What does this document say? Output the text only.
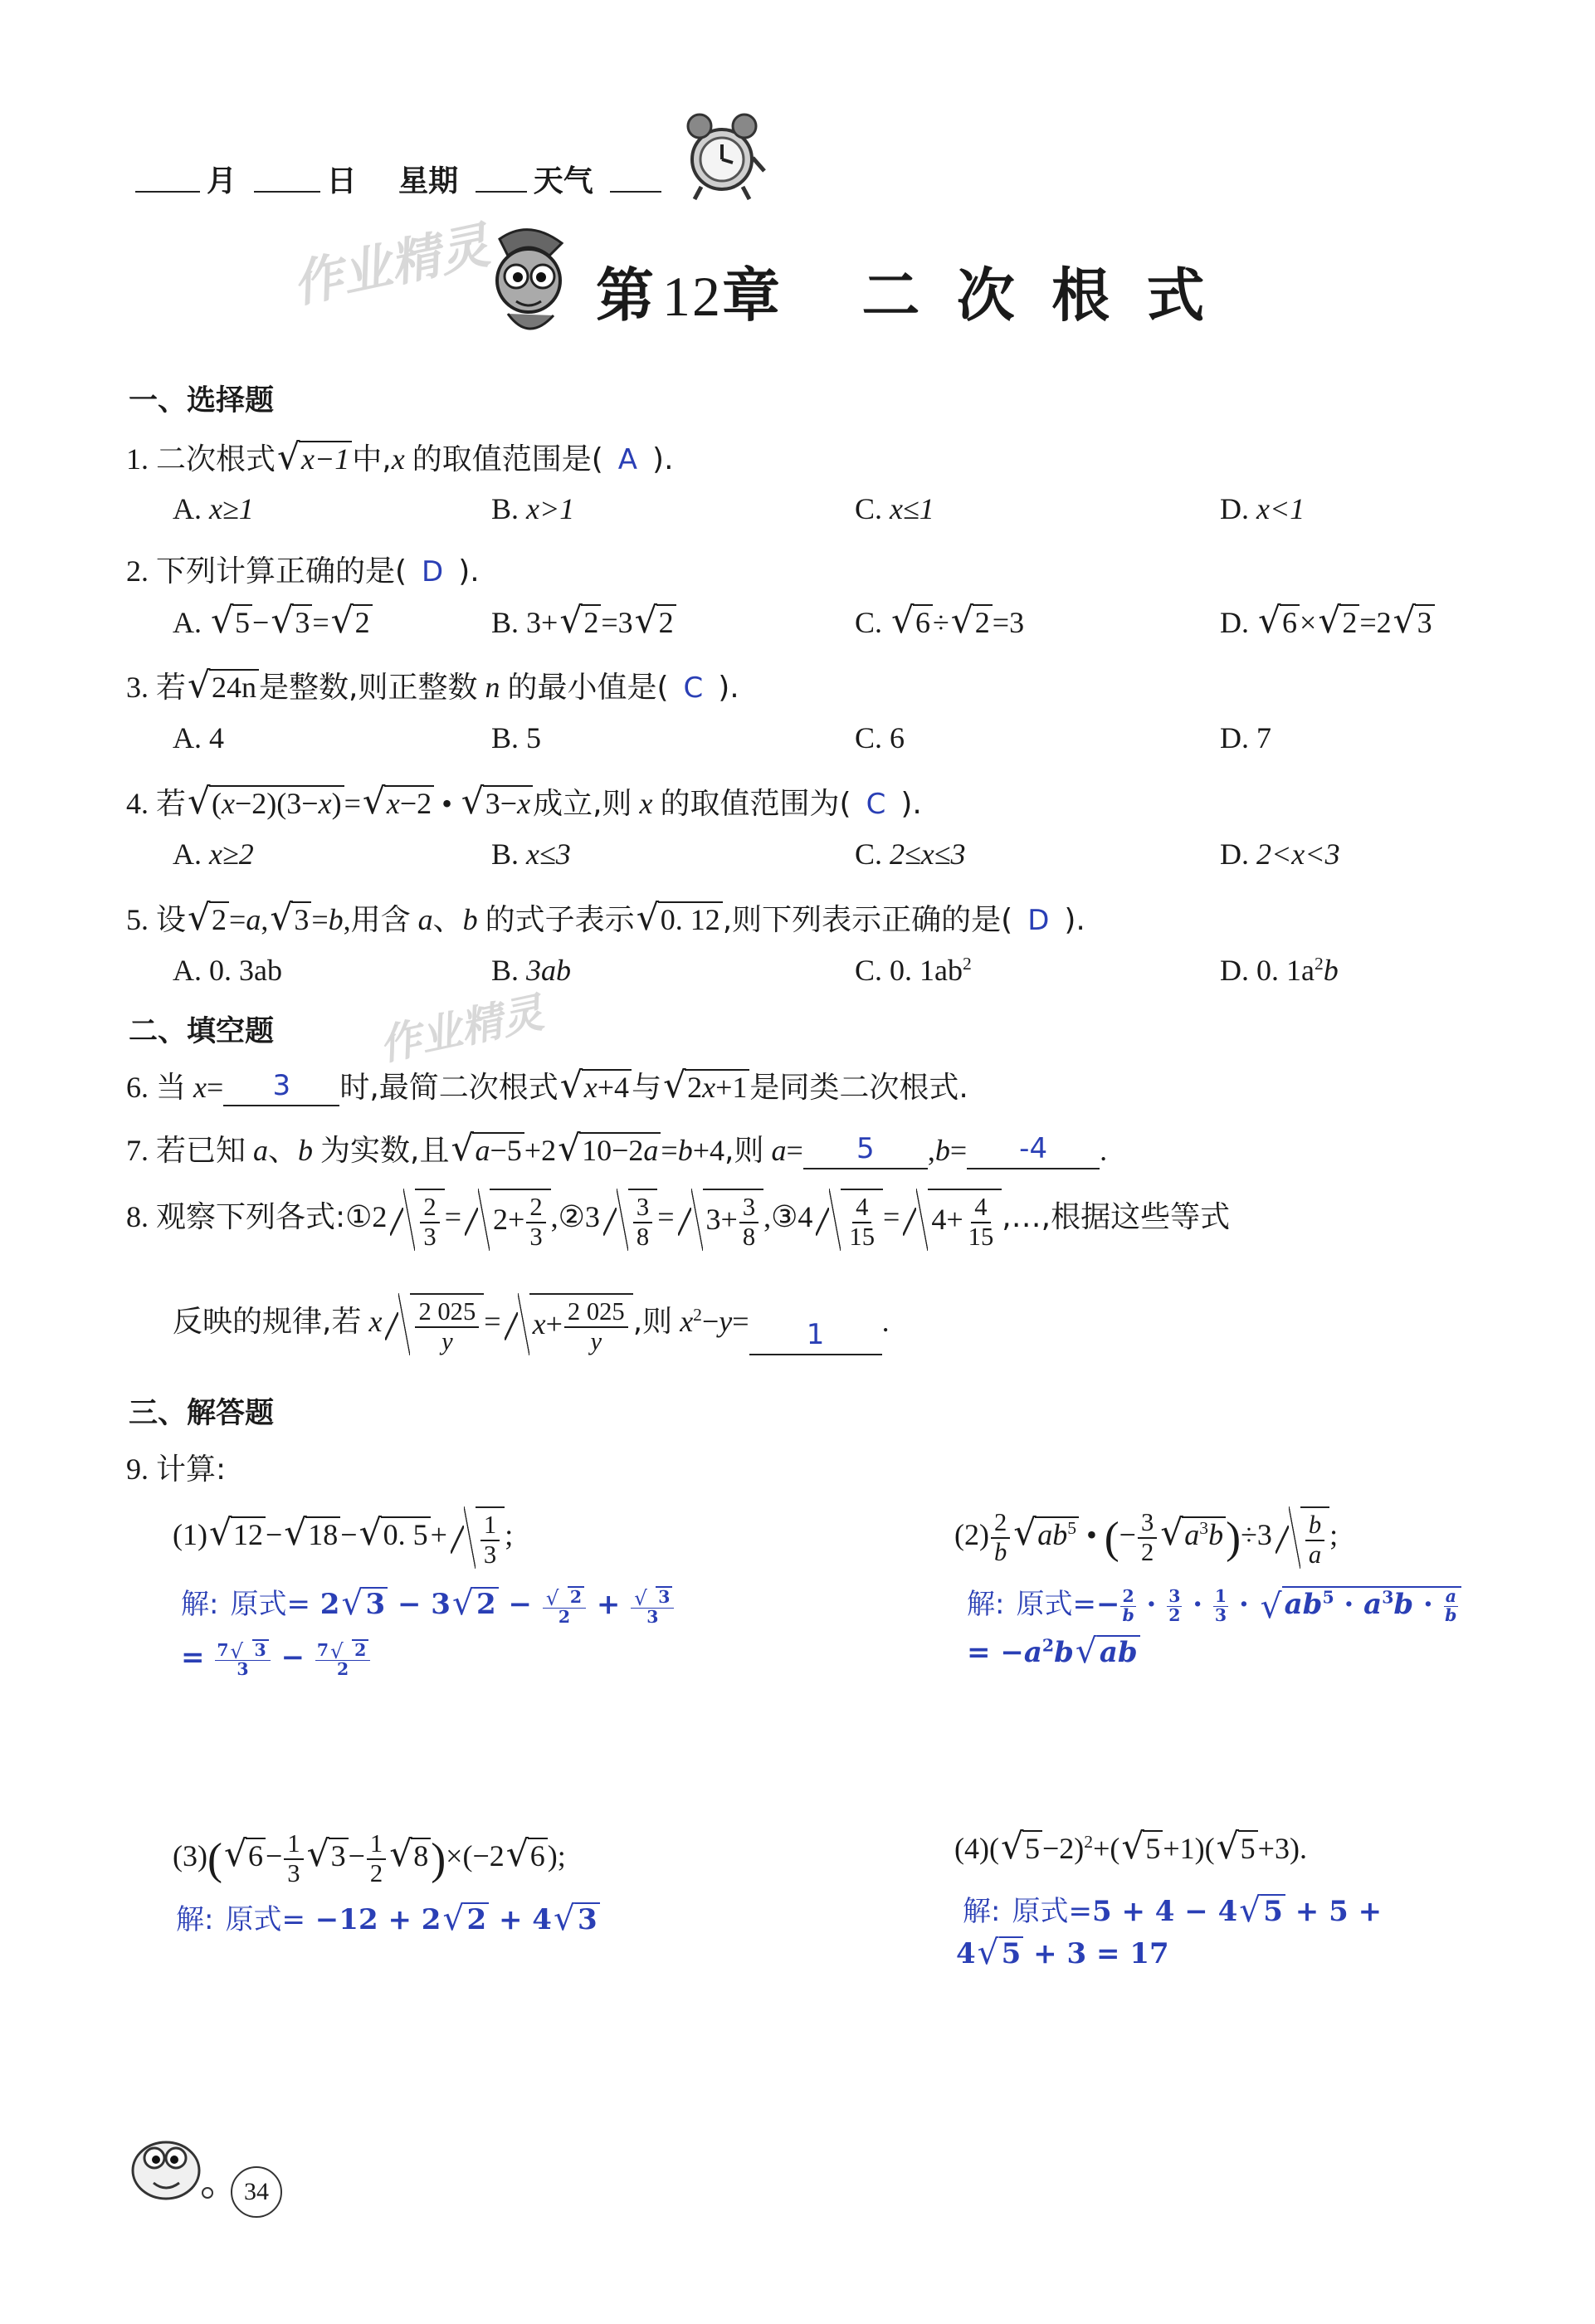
月	日 星期	天气
作业精灵 第12章 二 次 根 式
一、选择题
1. 二次根式√ x−1中,x 的取值范围是( A ).
A. x≥1	B. x>1	C. x≤1	D. x<1
2. 下列计算正确的是( D ).
A. √ 5−√ 3=√ 2	B. 3+√ 2=3√ 2	C. √ 6÷√ 2=3	D. √ 6×√ 2=2√ 3
3. 若√ 24n是整数,则正整数 n 的最小值是( C ).
A. 4	B. 5	C. 6	D. 7
4. 若√ (x−2)(3−x)=√ x−2 • √ 3−x成立,则 x 的取值范围为( C ).
A. x≥2	B. x≤3	C. 2≤x≤3	D. 2<x<3
5. 设√ 2=a,√ 3=b,用含 a、b 的式子表示√ 0. 12,则下列表示正确的是( D ).
A. 0. 3ab	B. 3ab	C. 0. $1ab^2$	D. 0. $1a^2b$
二、填空题 作业精灵
6. 当 x= 3 时,最简二次根式√ x+4与√ 2x+1是同类二次根式.
7. 若已知 a、b 为实数,且√ a−5+2√ 10−2a=b+4,则 a= 5 ,b= -4 .
8. 观察下列各式:①2 $\frac{2}{3} = 2+ \frac{2}{3}$ ,②3 $\frac{3}{8} = 3+ \frac{3}{8}$ ,③4 $\frac{4}{15} = 4+ \frac{4}{15}$ ,…,根据这些等式
反映的规律,若 x $\frac{2 025}{y} = x+ \frac{2 025}{y}$ ,则 $x^2-y= 1$ .
三、解答题
9. 计算:
(1)√ 12−√ 18−√ 0. $5+ \frac{1}{3}$ ;
解: 原式= 2√ 3 − 3√ 2 −
√ $\frac{2}{2}$ +
√ $\frac{3}{3}$
= $\frac{7√ 3}{3} - \frac{7√ 2}{2}$
$(2) \frac{2}{b}$
√ $ab^5$ • (− $\frac{3}{2}$
√ $a^3b)\div 3 \frac{b}{a}$ ;
解: 原式=− $\frac{2}{b} \cdot \frac{3}{2} \cdot \frac{1}{3}$ · √ $ab^5 \cdot a^3b \cdot \frac{a}{b}$
= $-a^2b√$ ab
(3)(√ $6- \frac{1}{3}$
√ $3- \frac{1}{2}$
√ 8)×(−2√ 6);
解: 原式= −12 + 2√ 2 + 4√ 3
(4)(√ 5−2)$^2$+(√ 5+1)(√ 5+3).
解: 原式=5 + 4 − 4√ 5 + 5 +
4√ 5 + 3 = 17
34
